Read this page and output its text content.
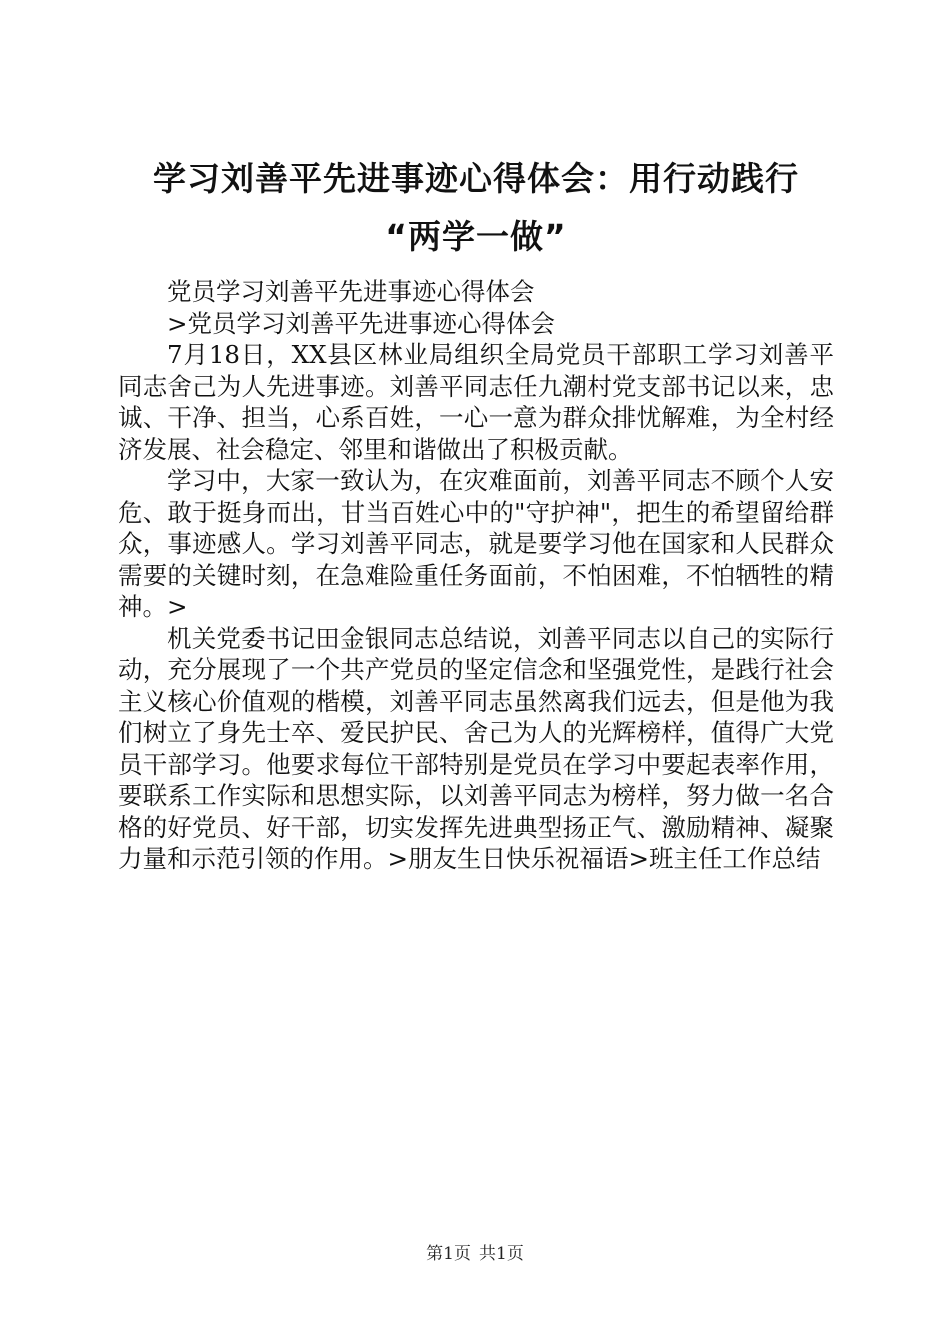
学习刘善平先进事迹心得体会：用行动践行
“两学一做”

党员学习刘善平先进事迹心得体会

>党员学习刘善平先进事迹心得体会

7月18日，XX县区林业局组织全局党员干部职工学习刘善平同志舍己为人先进事迹。刘善平同志任九潮村党支部书记以来，忠诚、干净、担当，心系百姓，一心一意为群众排忧解难，为全村经济发展、社会稳定、邻里和谐做出了积极贡献。

学习中，大家一致认为，在灾难面前，刘善平同志不顾个人安危、敢于挺身而出，甘当百姓心中的"守护神"，把生的希望留给群众，事迹感人。学习刘善平同志，就是要学习他在国家和人民群众需要的关键时刻，在急难险重任务面前，不怕困难，不怕牺牲的精神。>

机关党委书记田金银同志总结说，刘善平同志以自己的实际行动，充分展现了一个共产党员的坚定信念和坚强党性，是践行社会主义核心价值观的楷模，刘善平同志虽然离我们远去，但是他为我们树立了身先士卒、爱民护民、舍己为人的光辉榜样，值得广大党员干部学习。他要求每位干部特别是党员在学习中要起表率作用，要联系工作实际和思想实际，以刘善平同志为榜样，努力做一名合格的好党员、好干部，切实发挥先进典型扬正气、激励精神、凝聚力量和示范引领的作用。>朋友生日快乐祝福语>班主任工作总结

第1页 共1页
